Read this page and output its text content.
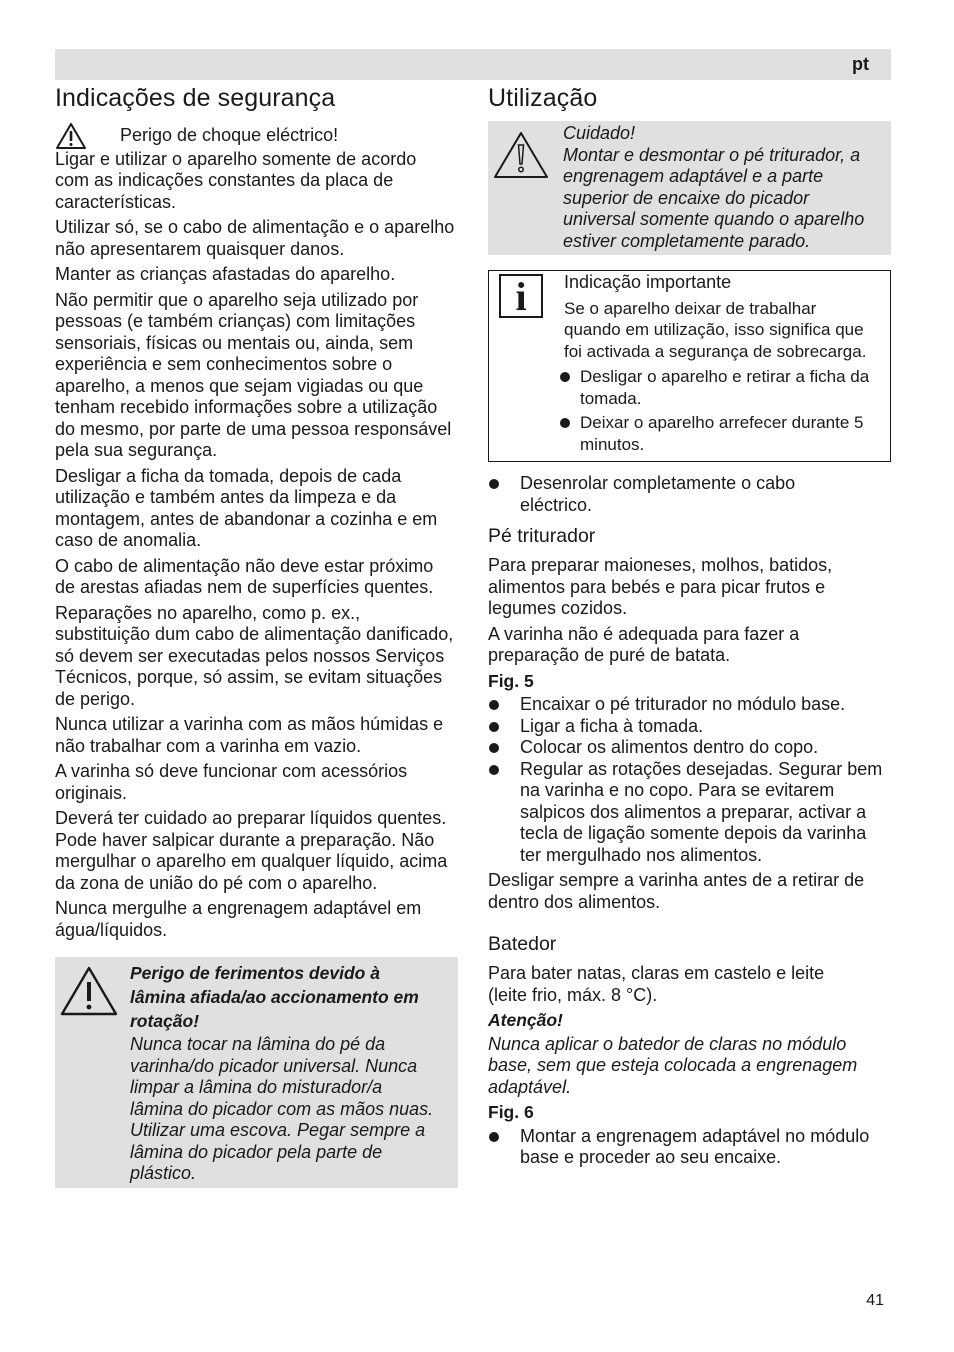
pt
Indicações de segurança
Perigo de choque eléctrico!

Ligar e utilizar o aparelho somente de acordo com as indicações constantes da placa de características.

Utilizar só, se o cabo de alimentação e o aparelho não apresentarem quaisquer danos.

Manter as crianças afastadas do aparelho.

Não permitir que o aparelho seja utilizado por pessoas (e também crianças) com limitações sensoriais, físicas ou mentais ou, ainda, sem experiência e sem conhecimentos sobre o aparelho, a menos que sejam vigiadas ou que tenham recebido informações sobre a utilização do mesmo, por parte de uma pessoa responsável pela sua segurança.

Desligar a ficha da tomada, depois de cada utilização e também antes da limpeza e da montagem, antes de abandonar a cozinha e em caso de anomalia.

O cabo de alimentação não deve estar próximo de arestas afiadas nem de superfícies quentes.

Reparações no aparelho, como p. ex., substituição dum cabo de alimentação danificado, só devem ser executadas pelos nossos Serviços Técnicos, porque, só assim, se evitam situações de perigo.

Nunca utilizar a varinha com as mãos húmidas e não trabalhar com a varinha em vazio.

A varinha só deve funcionar com acessórios originais.

Deverá ter cuidado ao preparar líquidos quentes. Pode haver salpicar durante a preparação. Não mergulhar o aparelho em qualquer líquido, acima da zona de união do pé com o aparelho.

Nunca mergulhe a engrenagem adaptável em água/líquidos.

Perigo de ferimentos devido à lâmina afiada/ao accionamento em rotação!

Nunca tocar na lâmina do pé da varinha/do picador universal. Nunca limpar a lâmina do misturador/a lâmina do picador com as mãos nuas. Utilizar uma escova. Pegar sempre a lâmina do picador pela parte de plástico.

Utilização

Cuidado!

Montar e desmontar o pé triturador, a engrenagem adaptável e a parte superior de encaixe do picador universal somente quando o aparelho estiver completamente parado.

i	Indicação importante

Se o aparelho deixar de trabalhar quando em utilização, isso significa que foi activada a segurança de sobrecarga.

Desligar o aparelho e retirar a ficha da tomada.
Deixar o aparelho arrefecer durante 5 minutos.
Desenrolar completamente o cabo eléctrico.
Pé triturador

Para preparar maioneses, molhos, batidos, alimentos para bebés e para picar frutos e legumes cozidos.

A varinha não é adequada para fazer a preparação de puré de batata.

Fig. 5

Encaixar o pé triturador no módulo base.
Ligar a ficha à tomada.
Colocar os alimentos dentro do copo.
Regular as rotações desejadas. Segurar bem na varinha e no copo. Para se evitarem salpicos dos alimentos a preparar, activar a tecla de ligação somente depois da varinha ter mergulhado nos alimentos.

Desligar sempre a varinha antes de a retirar de dentro dos alimentos.

Batedor

Para bater natas, claras em castelo e leite (leite frio, máx. 8 °C).

Atenção!

Nunca aplicar o batedor de claras no módulo base, sem que esteja colocada a engrenagem adaptável.

Fig. 6

Montar a engrenagem adaptável no módulo base e proceder ao seu encaixe.
41
